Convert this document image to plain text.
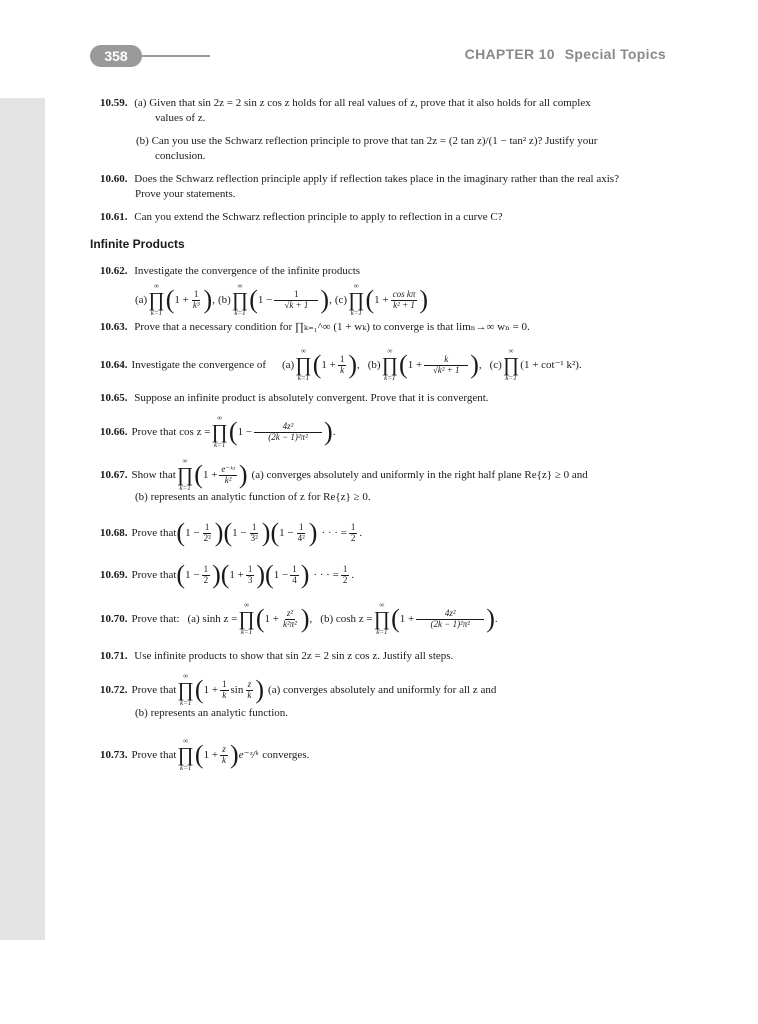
358	CHAPTER 10 Special Topics
10.59. (a) Given that sin 2z = 2 sin z cos z holds for all real values of z, prove that it also holds for all complex
values of z.
(b) Can you use the Schwarz reflection principle to prove that tan 2z = (2 tan z)/(1 − tan² z)? Justify your
conclusion.
10.60. Does the Schwarz reflection principle apply if reflection takes place in the imaginary rather than the real axis?
Prove your statements.
10.61. Can you extend the Schwarz reflection principle to apply to reflection in a curve C?
Infinite Products
10.62. Investigate the convergence of the infinite products
(a)
∞
∏
k=1 ( $1 + \frac{1}{\text{k³}}$ ) , (b)
∞
∏
k=1 ( $1 - \frac{1}{√k + 1}$ ) , (c)
∞
∏
k=1 ( $1 + \frac{\text{cos kπ}}{\text{k² + 1}}$ )
10.63. Prove that a necessary condition for ∏ₖ₌₁^∞ (1 + wₖ) to converge is that limₙ→∞ wₙ = 0.
10.64. Investigate the convergence of (a)
∞
∏
k=1 ( $1 + \frac{1}{k}$ ) , (b)
∞
∏
k=1 ( $1 + \frac{k}{\text{√k² + 1}}$ ) , (c)
∞
∏
k=1
(1 + cot⁻¹ k²).
10.65. Suppose an infinite product is absolutely convergent. Prove that it is convergent.
10.66. Prove that cos z =
∞
∏
k=1 ( $1 - \frac{\text{4z²}}{\text{(2k − 1)²π²}}$ ) .
10.67. Show that
∞
∏
k=1 ( $1 + \frac{\text{e⁻ᵏᶻ}}{\text{k²}}$ ) (a) converges absolutely and uniformly in the right half plane Re{z} ≥ 0 and
(b) represents an analytic function of z for Re{z} ≥ 0.
10.68. Prove that ( $1 - \frac{1}{\text{2²}}$ ) ( $1 - \frac{1}{\text{3²}}$ ) ( $1 - \frac{1}{\text{4²}}$ ) · · · = $\frac{1}{2}$ .
10.69. Prove that ( $1 - \frac{1}{2}$ ) ( $1 + \frac{1}{3}$ ) ( $1 - \frac{1}{4}$ ) · · · = $\frac{1}{2}$ .
10.70. Prove that: (a) sinh z =
∞
∏
k=1 ( $1 + \frac{\text{z²}}{\text{k²π²}}$ ) , (b) cosh z =
∞
∏
k=1 ( $1 + \frac{\text{4z²}}{\text{(2k − 1)²π²}}$ ) .
10.71. Use infinite products to show that sin 2z = 2 sin z cos z. Justify all steps.
10.72. Prove that
∞
∏
k=1 ( $1 + \frac{1}{k}$ $\sin \frac{z}{k}$ ) (a) converges absolutely and uniformly for all z and
(b) represents an analytic function.
10.73. Prove that
∞
∏
k=1 ( $1 + \frac{z}{k}$ ) e⁻ᶻ/ᵏ converges.
